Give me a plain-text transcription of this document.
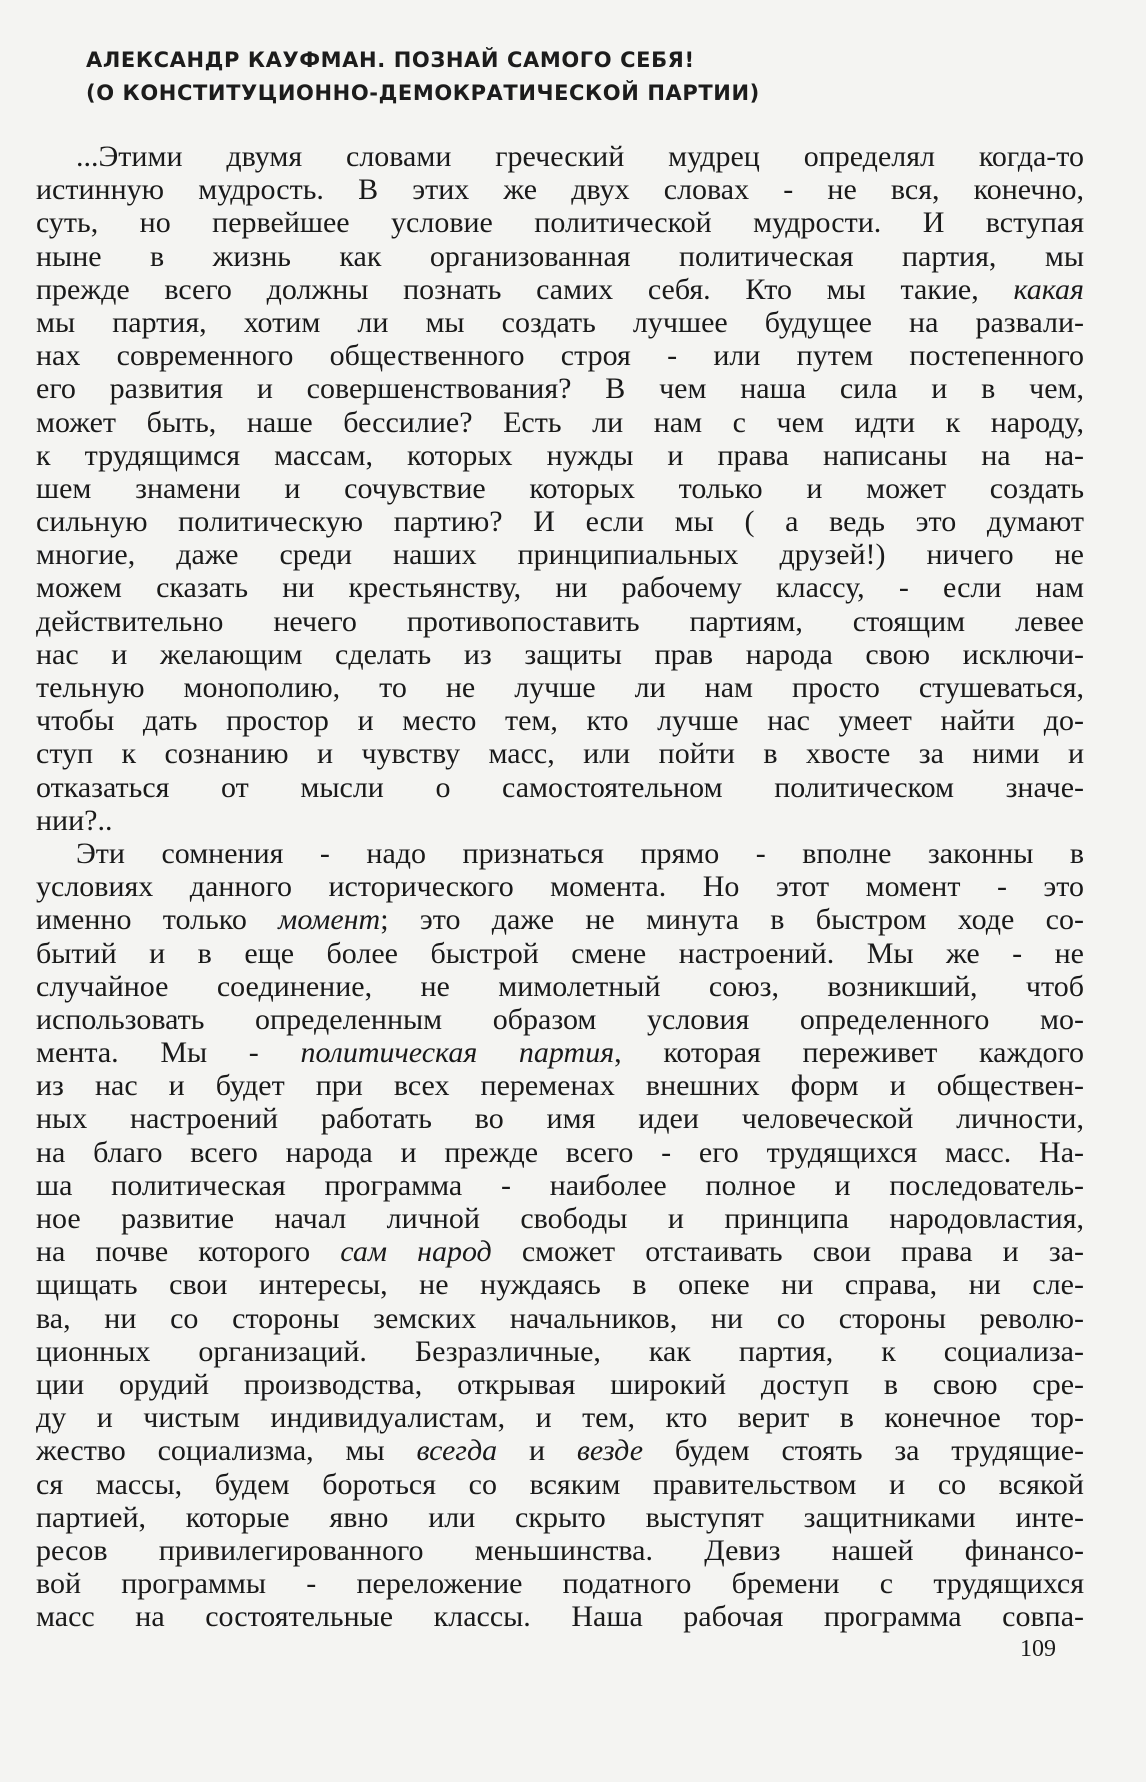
АЛЕКСАНДР КАУФМАН. ПОЗНАЙ САМОГО СЕБЯ!
(О КОНСТИТУЦИОННО-ДЕМОКРАТИЧЕСКОЙ ПАРТИИ)
...Этими двумя словами греческий мудрец определял когда-то
истинную мудрость. В этих же двух словах - не вся, конечно,
суть, но первейшее условие политической мудрости. И вступая
ныне в жизнь как организованная политическая партия, мы
прежде всего должны познать самих себя. Кто мы такие, какая
мы партия, хотим ли мы создать лучшее будущее на развали-
нах современного общественного строя - или путем постепенного
его развития и совершенствования? В чем наша сила и в чем,
может быть, наше бессилие? Есть ли нам с чем идти к народу,
к трудящимся массам, которых нужды и права написаны на на-
шем знамени и сочувствие которых только и может создать
сильную политическую партию? И если мы ( а ведь это думают
многие, даже среди наших принципиальных друзей!) ничего не
можем сказать ни крестьянству, ни рабочему классу, - если нам
действительно нечего противопоставить партиям, стоящим левее
нас и желающим сделать из защиты прав народа свою исключи-
тельную монополию, то не лучше ли нам просто стушеваться,
чтобы дать простор и место тем, кто лучше нас умеет найти до-
ступ к сознанию и чувству масс, или пойти в хвосте за ними и
отказаться от мысли о самостоятельном политическом значе-
нии?..
Эти сомнения - надо признаться прямо - вполне законны в
условиях данного исторического момента. Но этот момент - это
именно только момент; это даже не минута в быстром ходе со-
бытий и в еще более быстрой смене настроений. Мы же - не
случайное соединение, не мимолетный союз, возникший, чтоб
использовать определенным образом условия определенного мо-
мента. Мы - политическая партия, которая переживет каждого
из нас и будет при всех переменах внешних форм и обществен-
ных настроений работать во имя идеи человеческой личности,
на благо всего народа и прежде всего - его трудящихся масс. На-
ша политическая программа - наиболее полное и последователь-
ное развитие начал личной свободы и принципа народовластия,
на почве которого сам народ сможет отстаивать свои права и за-
щищать свои интересы, не нуждаясь в опеке ни справа, ни сле-
ва, ни со стороны земских начальников, ни со стороны револю-
ционных организаций. Безразличные, как партия, к социализа-
ции орудий производства, открывая широкий доступ в свою сре-
ду и чистым индивидуалистам, и тем, кто верит в конечное тор-
жество социализма, мы всегда и везде будем стоять за трудящие-
ся массы, будем бороться со всяким правительством и со всякой
партией, которые явно или скрыто выступят защитниками инте-
ресов привилегированного меньшинства. Девиз нашей финансо-
вой программы - переложение податного бремени с трудящихся
масс на состоятельные классы. Наша рабочая программа совпа-
109
